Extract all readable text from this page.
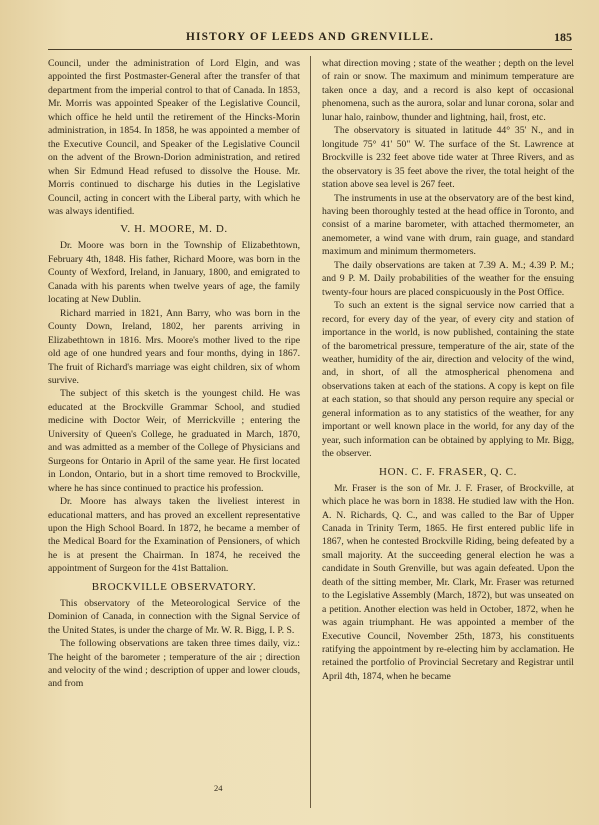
HISTORY OF LEEDS AND GRENVILLE.	185

Council, under the administration of Lord Elgin, and was appointed the first Postmaster-General after the transfer of that department from the imperial control to that of Canada. In 1853, Mr. Morris was appointed Speaker of the Legislative Council, which office he held until the retirement of the Hincks-Morin administration, in 1854. In 1858, he was appointed a member of the Executive Council, and Speaker of the Legislative Council on the advent of the Brown-Dorion administration, and retired when Sir Edmund Head refused to dissolve the House. Mr. Morris continued to discharge his duties in the Legislative Council, acting in concert with the Liberal party, with which he was always identified.

V. H. MOORE, M. D.

Dr. Moore was born in the Township of Elizabethtown, February 4th, 1848. His father, Richard Moore, was born in the County of Wexford, Ireland, in January, 1800, and emigrated to Canada with his parents when twelve years of age, the family locating at New Dublin.

Richard married in 1821, Ann Barry, who was born in the County Down, Ireland, 1802, her parents arriving in Elizabethtown in 1816. Mrs. Moore's mother lived to the ripe old age of one hundred years and four months, dying in 1867. The fruit of Richard's marriage was eight children, six of whom survive.

The subject of this sketch is the youngest child. He was educated at the Brockville Grammar School, and studied medicine with Doctor Weir, of Merrickville ; entering the University of Queen's College, he graduated in March, 1870, and was admitted as a member of the College of Physicians and Surgeons for Ontario in April of the same year. He first located in London, Ontario, but in a short time removed to Brockville, where he has since continued to practice his profession.

Dr. Moore has always taken the liveliest interest in educational matters, and has proved an excellent representative upon the High School Board. In 1872, he became a member of the Medical Board for the Examination of Pensioners, of which he is at present the Chairman. In 1874, he received the appointment of Surgeon for the 41st Battalion.

BROCKVILLE OBSERVATORY.

This observatory of the Meteorological Service of the Dominion of Canada, in connection with the Signal Service of the United States, is under the charge of Mr. W. R. Bigg, I. P. S.

The following observations are taken three times daily, viz.: The height of the barometer ; temperature of the air ; direction and velocity of the wind ; description of upper and lower clouds, and from

what direction moving ; state of the weather ; depth on the level of rain or snow. The maximum and minimum temperature are taken once a day, and a record is also kept of occasional phenomena, such as the aurora, solar and lunar corona, solar and lunar halo, rainbow, thunder and lightning, hail, frost, etc.

The observatory is situated in latitude 44° 35' N., and in longitude 75° 41' 50" W. The surface of the St. Lawrence at Brockville is 232 feet above tide water at Three Rivers, and as the observatory is 35 feet above the river, the total height of the station above sea level is 267 feet.

The instruments in use at the observatory are of the best kind, having been thoroughly tested at the head office in Toronto, and consist of a marine barometer, with attached thermometer, an anemometer, a wind vane with drum, rain guage, and standard maximum and minimum thermometers.

The daily observations are taken at 7.39 A. M.; 4.39 P. M.; and 9 P. M. Daily probabilities of the weather for the ensuing twenty-four hours are placed conspicuously in the Post Office.

To such an extent is the signal service now carried that a record, for every day of the year, of every city and station of importance in the world, is now published, containing the state of the barometrical pressure, temperature of the air, state of the weather, humidity of the air, direction and velocity of the wind, and, in short, of all the atmospherical phenomena and observations taken at each of the stations. A copy is kept on file at each station, so that should any person require any special or general information as to any statistics of the weather, for any important or well known place in the world, for any day of the year, such information can be obtained by applying to Mr. Bigg, the observer.

HON. C. F. FRASER, Q. C.

Mr. Fraser is the son of Mr. J. F. Fraser, of Brockville, at which place he was born in 1838. He studied law with the Hon. A. N. Richards, Q. C., and was called to the Bar of Upper Canada in Trinity Term, 1865. He first entered public life in 1867, when he contested Brockville Riding, being defeated by a small majority. At the succeeding general election he was a candidate in South Grenville, but was again defeated. Upon the death of the sitting member, Mr. Clark, Mr. Fraser was returned to the Legislative Assembly (March, 1872), but was unseated on a petition. Another election was held in October, 1872, when he was again triumphant. He was appointed a member of the Executive Council, November 25th, 1873, his constituents ratifying the appointment by re-electing him by acclamation. He retained the portfolio of Provincial Secretary and Registrar until April 4th, 1874, when he became

24
